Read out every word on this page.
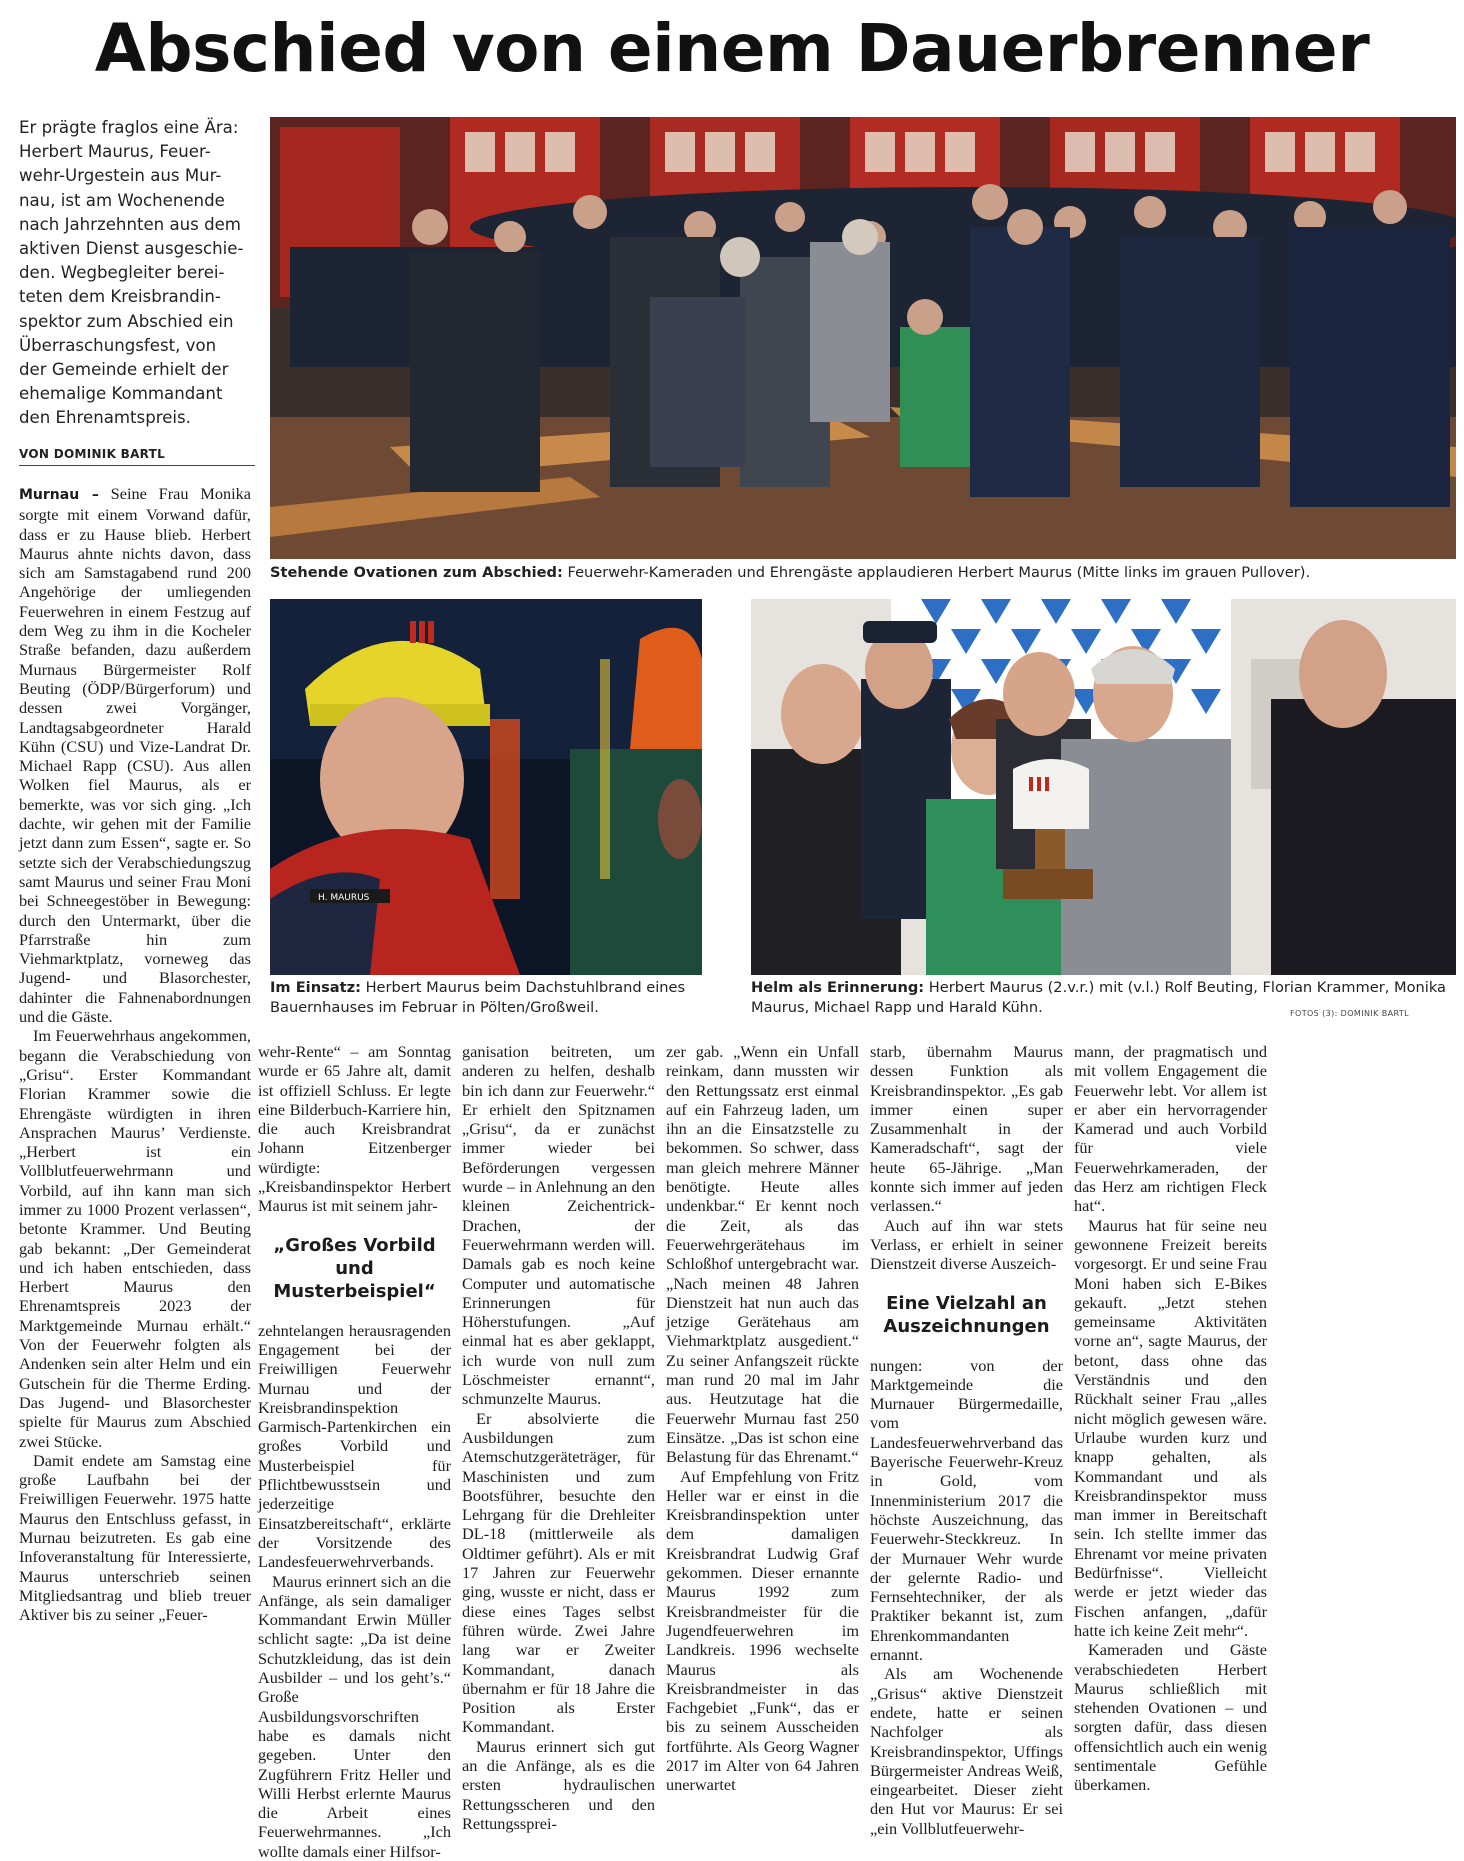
Abschied von einem Dauerbrenner
Er prägte fraglos eine Ära:
Herbert Maurus, Feuer-
wehr-Urgestein aus Mur-
nau, ist am Wochenende
nach Jahrzehnten aus dem
aktiven Dienst ausgeschie-
den. Wegbegleiter berei-
teten dem Kreisbrandin-
spektor zum Abschied ein
Überraschungsfest, von
der Gemeinde erhielt der
ehemalige Kommandant
den Ehrenamtspreis.
VON DOMINIK BARTL
Stehende Ovationen zum Abschied: Feuerwehr-Kameraden und Ehrengäste applaudieren Herbert Maurus (Mitte links im grauen Pullover).
H. MAURUS
Im Einsatz: Herbert Maurus beim Dachstuhlbrand eines Bauernhauses im Februar in Pölten/Großweil.
Helm als Erinnerung: Herbert Maurus (2.v.r.) mit (v.l.) Rolf Beuting, Florian Krammer, Monika Maurus, Michael Rapp und Harald Kühn.	FOTOS (3): DOMINIK BARTL

Murnau – Seine Frau Monika sorgte mit einem Vorwand dafür, dass er zu Hause blieb. Herbert Maurus ahnte nichts davon, dass sich am Samstagabend rund 200 Angehörige der umliegenden Feuerwehren in einem Festzug auf dem Weg zu ihm in die Kocheler Straße befanden, dazu außerdem Murnaus Bürgermeister Rolf Beuting (ÖDP/Bürgerforum) und dessen zwei Vorgänger, Landtagsabgeordneter Harald Kühn (CSU) und Vize-Landrat Dr. Michael Rapp (CSU). Aus allen Wolken fiel Maurus, als er bemerkte, was vor sich ging. „Ich dachte, wir gehen mit der Familie jetzt dann zum Essen“, sagte er. So setzte sich der Verabschiedungszug samt Maurus und seiner Frau Moni bei Schneegestöber in Bewegung: durch den Untermarkt, über die Pfarrstraße hin zum Viehmarktplatz, vorneweg das Jugend- und Blasorchester, dahinter die Fahnenabordnungen und die Gäste.

Im Feuerwehrhaus angekommen, begann die Verabschiedung von „Grisu“. Erster Kommandant Florian Krammer sowie die Ehrengäste würdigten in ihren Ansprachen Maurus’ Verdienste. „Herbert ist ein Vollblutfeuerwehrmann und Vorbild, auf ihn kann man sich immer zu 1000 Prozent verlassen“, betonte Krammer. Und Beuting gab bekannt: „Der Gemeinderat und ich haben entschieden, dass Herbert Maurus den Ehrenamtspreis 2023 der Marktgemeinde Murnau erhält.“ Von der Feuerwehr folgten als Andenken sein alter Helm und ein Gutschein für die Therme Erding. Das Jugend- und Blasorchester spielte für Maurus zum Abschied zwei Stücke.

Damit endete am Samstag eine große Laufbahn bei der Freiwilligen Feuerwehr. 1975 hatte Maurus den Entschluss gefasst, in Murnau beizutreten. Es gab eine Infoveranstaltung für Interessierte, Maurus unterschrieb seinen Mitgliedsantrag und blieb treuer Aktiver bis zu seiner „Feuer-

wehr-Rente“ – am Sonntag wurde er 65 Jahre alt, damit ist offiziell Schluss. Er legte eine Bilderbuch-Karriere hin, die auch Kreisbrandrat Johann Eitzenberger würdigte: „Kreisbandinspektor Herbert Maurus ist mit seinem jahr-

„Großes Vorbild und Musterbeispiel“

zehntelangen herausragenden Engagement bei der Freiwilligen Feuerwehr Murnau und der Kreisbrandinspektion Garmisch-Partenkirchen ein großes Vorbild und Musterbeispiel für Pflichtbewusstsein und jederzeitige Einsatzbereitschaft“, erklärte der Vorsitzende des Landesfeuerwehrverbands.

Maurus erinnert sich an die Anfänge, als sein damaliger Kommandant Erwin Müller schlicht sagte: „Da ist deine Schutzkleidung, das ist dein Ausbilder – und los geht’s.“ Große Ausbildungsvorschriften habe es damals nicht gegeben. Unter den Zugführern Fritz Heller und Willi Herbst erlernte Maurus die Arbeit eines Feuerwehrmannes. „Ich wollte damals einer Hilfsor-

ganisation beitreten, um anderen zu helfen, deshalb bin ich dann zur Feuerwehr.“ Er erhielt den Spitznamen „Grisu“, da er zunächst immer wieder bei Beförderungen vergessen wurde – in Anlehnung an den kleinen Zeichentrick-Drachen, der Feuerwehrmann werden will. Damals gab es noch keine Computer und automatische Erinnerungen für Höherstufungen. „Auf einmal hat es aber geklappt, ich wurde von null zum Löschmeister ernannt“, schmunzelte Maurus.

Er absolvierte die Ausbildungen zum Atemschutzgeräteträger, für Maschinisten und zum Bootsführer, besuchte den Lehrgang für die Drehleiter DL-18 (mittlerweile als Oldtimer geführt). Als er mit 17 Jahren zur Feuerwehr ging, wusste er nicht, dass er diese eines Tages selbst führen würde. Zwei Jahre lang war er Zweiter Kommandant, danach übernahm er für 18 Jahre die Position als Erster Kommandant.

Maurus erinnert sich gut an die Anfänge, als es die ersten hydraulischen Rettungsscheren und den Rettungssprei-

zer gab. „Wenn ein Unfall reinkam, dann mussten wir den Rettungssatz erst einmal auf ein Fahrzeug laden, um ihn an die Einsatzstelle zu bekommen. So schwer, dass man gleich mehrere Männer benötigte. Heute alles undenkbar.“ Er kennt noch die Zeit, als das Feuerwehrgerätehaus im Schloßhof untergebracht war. „Nach meinen 48 Jahren Dienstzeit hat nun auch das jetzige Gerätehaus am Viehmarktplatz ausgedient.“ Zu seiner Anfangszeit rückte man rund 20 mal im Jahr aus. Heutzutage hat die Feuerwehr Murnau fast 250 Einsätze. „Das ist schon eine Belastung für das Ehrenamt.“

Auf Empfehlung von Fritz Heller war er einst in die Kreisbrandinspektion unter dem damaligen Kreisbrandrat Ludwig Graf gekommen. Dieser ernannte Maurus 1992 zum Kreisbrandmeister für die Jugendfeuerwehren im Landkreis. 1996 wechselte Maurus als Kreisbrandmeister in das Fachgebiet „Funk“, das er bis zu seinem Ausscheiden fortführte. Als Georg Wagner 2017 im Alter von 64 Jahren unerwartet

starb, übernahm Maurus dessen Funktion als Kreisbrandinspektor. „Es gab immer einen super Zusammenhalt in der Kameradschaft“, sagt der heute 65-Jährige. „Man konnte sich immer auf jeden verlassen.“

Auch auf ihn war stets Verlass, er erhielt in seiner Dienstzeit diverse Auszeich-

Eine Vielzahl an Auszeichnungen

nungen: von der Marktgemeinde die Murnauer Bürgermedaille, vom Landesfeuerwehrverband das Bayerische Feuerwehr-Kreuz in Gold, vom Innenministerium 2017 die höchste Auszeichnung, das Feuerwehr-Steckkreuz. In der Murnauer Wehr wurde der gelernte Radio- und Fernsehtechniker, der als Praktiker bekannt ist, zum Ehrenkommandanten ernannt.

Als am Wochenende „Grisus“ aktive Dienstzeit endete, hatte er seinen Nachfolger als Kreisbrandinspektor, Uffings Bürgermeister Andreas Weiß, eingearbeitet. Dieser zieht den Hut vor Maurus: Er sei „ein Vollblutfeuerwehr-

mann, der pragmatisch und mit vollem Engagement die Feuerwehr lebt. Vor allem ist er aber ein hervorragender Kamerad und auch Vorbild für viele Feuerwehrkameraden, der das Herz am richtigen Fleck hat“.

Maurus hat für seine neu gewonnene Freizeit bereits vorgesorgt. Er und seine Frau Moni haben sich E-Bikes gekauft. „Jetzt stehen gemeinsame Aktivitäten vorne an“, sagte Maurus, der betont, dass ohne das Verständnis und den Rückhalt seiner Frau „alles nicht möglich gewesen wäre. Urlaube wurden kurz und knapp gehalten, als Kommandant und als Kreisbrandinspektor muss man immer in Bereitschaft sein. Ich stellte immer das Ehrenamt vor meine privaten Bedürfnisse“. Vielleicht werde er jetzt wieder das Fischen anfangen, „dafür hatte ich keine Zeit mehr“.

Kameraden und Gäste verabschiedeten Herbert Maurus schließlich mit stehenden Ovationen – und sorgten dafür, dass diesen offensichtlich auch ein wenig sentimentale Gefühle überkamen.
